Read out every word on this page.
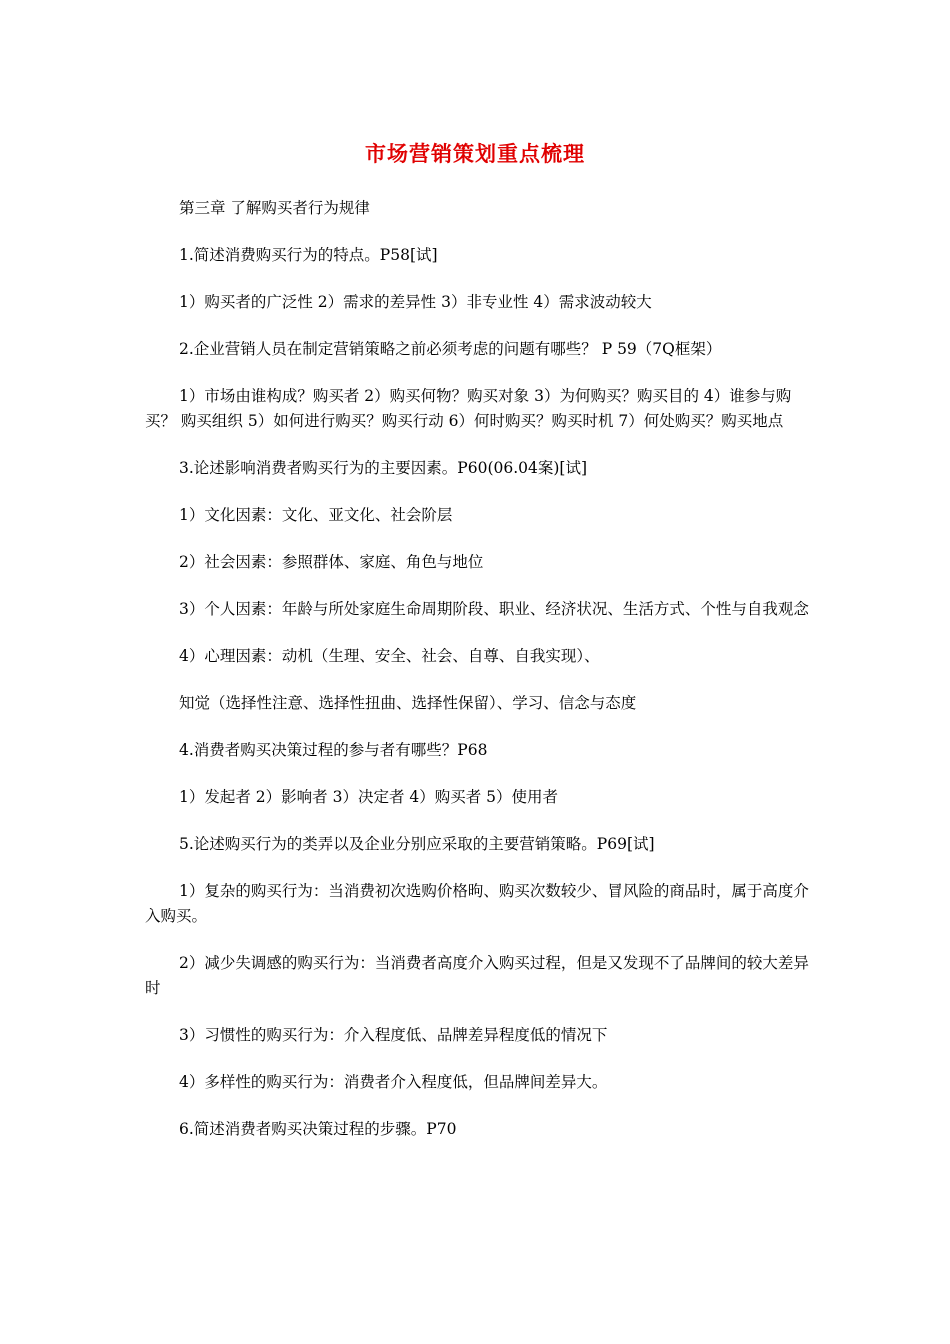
市场营销策划重点梳理

第三章 了解购买者行为规律

1.简述消费购买行为的特点。P58[试]

1）购买者的广泛性 2）需求的差异性 3）非专业性 4）需求波动较大

2.企业营销人员在制定营销策略之前必须考虑的问题有哪些？ P 59（7Q框架）

1）市场由谁构成？购买者 2）购买何物？购买对象 3）为何购买？购买目的 4）谁参与购买？ 购买组织 5）如何进行购买？购买行动 6）何时购买？购买时机 7）何处购买？购买地点

3.论述影响消费者购买行为的主要因素。P60(06.04案)[试]

1）文化因素：文化、亚文化、社会阶层

2）社会因素：参照群体、家庭、角色与地位

3）个人因素：年龄与所处家庭生命周期阶段、职业、经济状况、生活方式、个性与自我观念

4）心理因素：动机（生理、安全、社会、自尊、自我实现）、

知觉（选择性注意、选择性扭曲、选择性保留）、学习、信念与态度

4.消费者购买决策过程的参与者有哪些？P68

1）发起者 2）影响者 3）决定者 4）购买者 5）使用者

5.论述购买行为的类弄以及企业分别应采取的主要营销策略。P69[试]

1）复杂的购买行为：当消费初次选购价格昫、购买次数较少、冒风险的商品时，属于高度介入购买。

2）减少失调感的购买行为：当消费者高度介入购买过程，但是又发现不了品牌间的较大差异时

3）习惯性的购买行为：介入程度低、品牌差异程度低的情况下

4）多样性的购买行为：消费者介入程度低，但品牌间差异大。

6.简述消费者购买决策过程的步骤。P70
